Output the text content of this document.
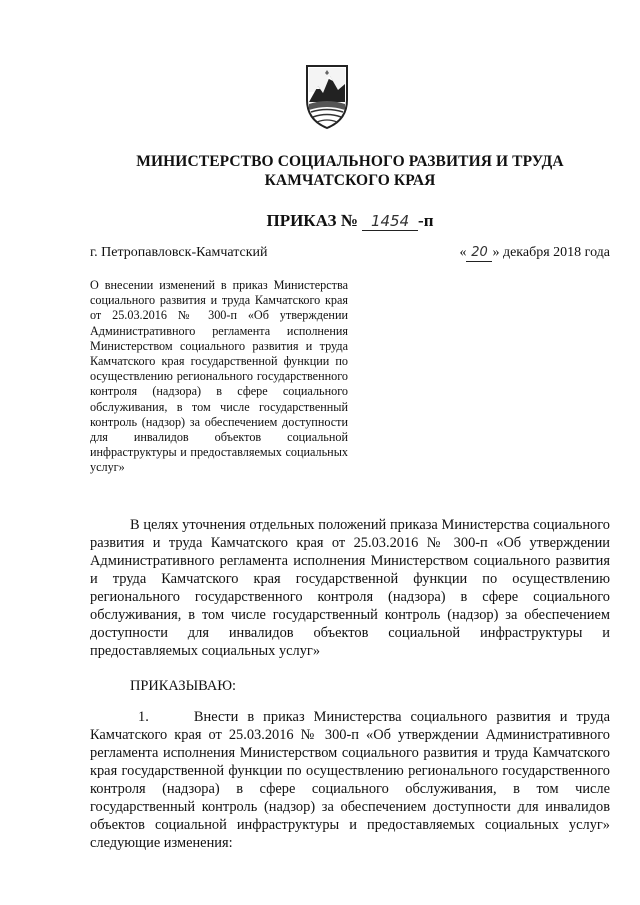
МИНИСТЕРСТВО СОЦИАЛЬНОГО РАЗВИТИЯ И ТРУДА
КАМЧАТСКОГО КРАЯ
ПРИКАЗ № 1454 -п
г. Петропавловск-Камчатский	« 20 » декабря 2018 года
О внесении изменений в приказ Министерства социального развития и труда Камчатского края от 25.03.2016 № 300-п «Об утверждении Административного регламента исполнения Министерством социального развития и труда Камчатского края государственной функции по осуществлению регионального государственного контроля (надзора) в сфере социального обслуживания, в том числе государственный контроль (надзор) за обеспечением доступности для инвалидов объектов социальной инфраструктуры и предоставляемых социальных услуг»
В целях уточнения отдельных положений приказа Министерства социального развития и труда Камчатского края от 25.03.2016 № 300-п «Об утверждении Административного регламента исполнения Министерством социального развития и труда Камчатского края государственной функции по осуществлению регионального государственного контроля (надзора) в сфере социального обслуживания, в том числе государственный контроль (надзор) за обеспечением доступности для инвалидов объектов социальной инфраструктуры и предоставляемых социальных услуг»
ПРИКАЗЫВАЮ:
1.	Внести в приказ Министерства социального развития и труда Камчатского края от 25.03.2016 № 300-п «Об утверждении Административного регламента исполнения Министерством социального развития и труда Камчатского края государственной функции по осуществлению регионального государственного контроля (надзора) в сфере социального обслуживания, в том числе государственный контроль (надзор) за обеспечением доступности для инвалидов объектов социальной инфраструктуры и предоставляемых социальных услуг» следующие изменения:
